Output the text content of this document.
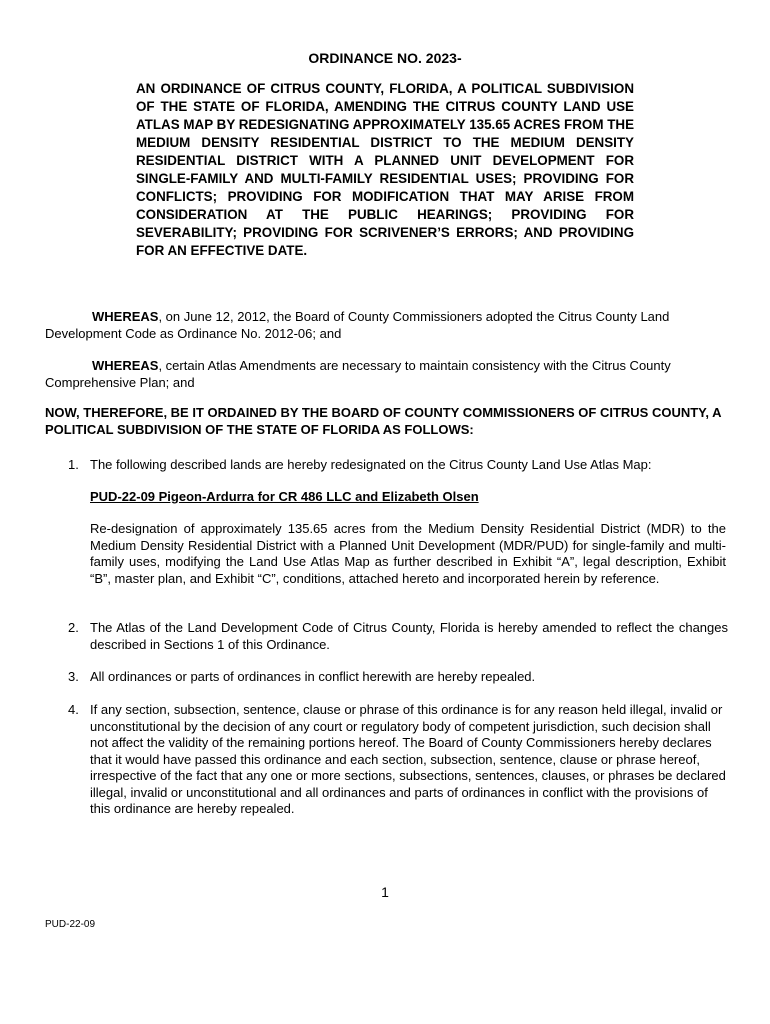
ORDINANCE NO. 2023-
AN ORDINANCE OF CITRUS COUNTY, FLORIDA, A POLITICAL SUBDIVISION OF THE STATE OF FLORIDA, AMENDING THE CITRUS COUNTY LAND USE ATLAS MAP BY REDESIGNATING APPROXIMATELY 135.65 ACRES FROM THE MEDIUM DENSITY RESIDENTIAL DISTRICT TO THE MEDIUM DENSITY RESIDENTIAL DISTRICT WITH A PLANNED UNIT DEVELOPMENT FOR SINGLE-FAMILY AND MULTI-FAMILY RESIDENTIAL USES; PROVIDING FOR CONFLICTS; PROVIDING FOR MODIFICATION THAT MAY ARISE FROM CONSIDERATION AT THE PUBLIC HEARINGS; PROVIDING FOR SEVERABILITY; PROVIDING FOR SCRIVENER’S ERRORS; AND PROVIDING FOR AN EFFECTIVE DATE.
WHEREAS, on June 12, 2012, the Board of County Commissioners adopted the Citrus County Land Development Code as Ordinance No. 2012-06; and
WHEREAS, certain Atlas Amendments are necessary to maintain consistency with the Citrus County Comprehensive Plan; and
NOW, THEREFORE, BE IT ORDAINED BY THE BOARD OF COUNTY COMMISSIONERS OF CITRUS COUNTY, A POLITICAL SUBDIVISION OF THE STATE OF FLORIDA AS FOLLOWS:
1. The following described lands are hereby redesignated on the Citrus County Land Use Atlas Map:
PUD-22-09 Pigeon-Ardurra for CR 486 LLC and Elizabeth Olsen
Re-designation of approximately 135.65 acres from the Medium Density Residential District (MDR) to the Medium Density Residential District with a Planned Unit Development (MDR/PUD) for single-family and multi-family uses, modifying the Land Use Atlas Map as further described in Exhibit “A”, legal description, Exhibit “B”, master plan, and Exhibit “C”, conditions, attached hereto and incorporated herein by reference.
2. The Atlas of the Land Development Code of Citrus County, Florida is hereby amended to reflect the changes described in Sections 1 of this Ordinance.
3. All ordinances or parts of ordinances in conflict herewith are hereby repealed.
4. If any section, subsection, sentence, clause or phrase of this ordinance is for any reason held illegal, invalid or unconstitutional by the decision of any court or regulatory body of competent jurisdiction, such decision shall not affect the validity of the remaining portions hereof. The Board of County Commissioners hereby declares that it would have passed this ordinance and each section, subsection, sentence, clause or phrase hereof, irrespective of the fact that any one or more sections, subsections, sentences, clauses, or phrases be declared illegal, invalid or unconstitutional and all ordinances and parts of ordinances in conflict with the provisions of this ordinance are hereby repealed.
1
PUD-22-09
